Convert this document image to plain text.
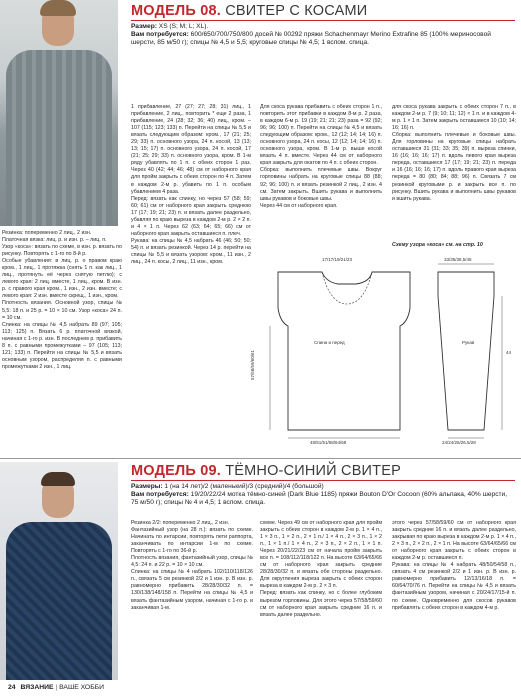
МОДЕЛЬ 08. СВИТЕР С КОСАМИ
Размер: XS (S; M; L; XL).
Вам потребуется: 600/650/700/750/800 досей № 00292 пряжи Schachenmayr Merino Extrafine 85 (100% мериносовой шерсти, 85 м/50 г); спицы № 4,5 и 5,5; круговые спицы № 4,5; 1 вспом. спица.

Резинка: попеременно 2 лиц., 2 изн.

Платочная вязка: лиц. р. и изн. р. – лиц. п.

Узор «коса»: вязать по схеме, в изн. р. вязать по рисунку. Повторять с 1-го по 8-й р.

Особые убавления: в лиц. р. о правом краю кром., 1 лиц., 1 протяжка (снять 1 п. как лиц., 1 лиц., протянуть её через снятую петлю); с левого края: 2 лиц. вместе, 1 лиц., кром. В изн. р. с правого края кром., 1 изн., 2 изн. вместе; с левого края: 2 изн. вместе скрещ., 1 изн., кром.

Плотность вязания. Основной узор, спицы № 5,5: 18 п. и 25 р. = 10 × 10 см. Узор «коса» 24 п. = 10 см.

Спинка: на спицы № 4,5 набрать 89 (97; 105; 113; 125) п. Вязать 6 р. платочной вязкой, начиная с 1-го р. изн. В последнем р. прибавить 8 п. с равными промежутками – 97 (105; 113; 121; 133) п. Перейти на спицы № 5,5 и вязать основным узором, распределяя п. с равными промежутками 2 изн., 1 лиц.

1 прибавление, 27 (27; 27; 28; 31) лиц., 1 прибавление, 2 лиц., повторить * еще 2 раза, 1 прибавление, 24 (28; 32; 36; 40) лиц., кром. – 107 (115; 123; 133) п. Перейти на спицы № 5,5 и вязать следующим образом: кром., 17 (21; 25; 29; 33) п. основного узора, 24 п. косой, 13 (13; 13; 15; 17) п. основного узора, 24 п. косой, 17 (21; 25; 29; 33) п. основного узора, кром. В 1-м ряду убавлять по 1 п. с обеих сторон 1 раз. Через 40 (42; 44; 46; 48) см от наборного края для пройм закрыть с обеих сторон по 4 п. Затем в каждом 2-м р. убавить по 1 п. особым убавлением 4 раза.

Перед: вязать как спинку, но через 57 (58; 59; 60; 61) см от наборного края закрыть среднюю 17 (17; 19; 21; 23) п. и вязать далее раздельно, убавляя по краю выреза в каждом 2-м р. 2 × 2 п. и 4 × 1 п. Через 62 (63; 64; 65; 66) см от наборного края закрыть оставшиеся п. плеч.

Рукава: на спицы № 4,5 набрать 46 (46; 50; 50; 54) п. и вязать резинкой. Через 14 р. перейти на спицы № 5,5 и вязать узором: кром., 11 изн., 2 лиц., 24 п. косы, 2 лиц., 11 изн., кром.

Для скоса рукава прибавить с обеих сторон 1 п., повторить этот прибавки в каждом 8-м р. 2 раза, в каждом 6-м р. 19 (19; 21; 21; 23) раза = 92 (92; 96; 96; 100) п. Перейти на спицы № 4,5 и вязать следующим образом: кром., 12 (12; 14; 14; 16) п. основного узора, 24 п. косы, 12 (12; 14; 14; 16) п. основного узора, кром. В 1-м р. выше косой вязать 4 п. вместе. Через 44 см от наборного края закрыть для окатов по 4 п. с обеих сторон.

Сборка: выполнить плечевые швы. Вокруг горловины набрать на круговые спицы 88 (88; 92; 96; 100) п. и вязать резинкой 2 лиц., 2 изн. 4 см. Затем закрыть. Вшить рукава и выполнить швы рукавов и боковые швы.

Через 44 см от наборного края.

для скоса рукава закрыть с обеих сторон 7 п., в каждом 2-м р. 7 (9; 10; 11; 12) × 1 п. и в каждом 4-м р. 1 × 1 п. Затем закрыть оставшиеся 10 (10; 14; 16; 16) п.

Сборка: выполнить плечевые и боковые швы. Для горловины на круговые спицы набрать оставшиеся 31 (31; 33; 35; 39) п. выреза спинки, 16 (16; 16; 16; 17) п. вдоль левого края выреза переда, оставшиеся 17 (17; 19; 21; 23) п. переда и 16 (16; 16; 16; 17) п. вдоль правого края выреза переда = 80 (80; 84; 88; 96) п. Связать 7 см резинкой круговыми р. и закрыть все п. по рисунку. Вшить рукава и выполнить швы рукавов и вшить рукава.

Схему узора «коса» см. на стр. 10
Спина и перед	Рукав
48/51/51/58/64/68	24/24/25/26.5/28
33/35/38,5/45
17/17/19/21/23
57/58/59/60/61	44
МОДЕЛЬ 09. ТЁМНО-СИНИЙ СВИТЕР
Размеры: 1 (на 14 лет)/2 (маленький)/3 (средний)/4 (большой)
Вам потребуется: 19/20/22/24 мотка тёмно-синей (Dark Blue 1185) пряжи Bouton D'Or Cocoon (60% альпака, 40% шерсти, 75 м/50 г); спицы № 4 и 4,5; 1 вспом. спица.

Резинка 2/2: попеременно 2 лиц., 2 изн.

Фантазийный узор (на 28 п.): вязать по схеме. Начинать по интарсии, повторять пети раппорта, заканчивать по интарсии 1-м по схеме. Повторять с 1-го по 36-й р.

Плотность вязания, фантазийный узор, спицы № 4,5: 24 п. и 22 р. = 10 × 10 см.

Спинка: на спицы № 4 набрать 102/110/118/126 п., связать 5 см резинкой 2/2 и 1 изн. р. В изн. р. равномерно прибавить 28/28/30/32 п. = 130/138/148/158 п. Перейти на спицы № 4,5 и вязать фантазийным узором, начиная с 1-го р. и заканчивая 1-м.

схеме. Через 49 см от наборного края для пройм закрыть с обеих сторон в каждом 2-м р. 1 × 4 п., 1 × 3 п., 1 × 2 п., 2 × 1 п./ 1 × 4 п., 2 × 3 п., 1 × 2 п., 1 × 1 п./ 1 × 4 п., 2 × 3 п., 2 × 2 п., 1 × 1 п. Через 20/21/22/23 см от начала пройм закрыть все п. = 108/112/118/122 п. На высоте 63/64/65/66 см от наборного края закрыть средние 28/28/30/32 п. и вязать обе стороны раздельно. Для округления выреза закрыть с обеих сторон выреза в каждом 2-м р. 2 × 3 п.

Перед: вязать как спинку, но с более глубоким вырезом горловины. Для этого через 57/58/59/60 см от наборного края закрыть средние 16 п. и вязать далее раздельно.

этого через 57/58/59/60 см от наборного края закрыть средние 16 п. и вязать далее раздельно, закрывая по краю выреза в каждом 2-м р. 1 × 4 п., 2 × 3 п., 2 × 2 п., 2 × 1 п. На высоте 63/64/65/66 см от наборного края закрыть с обеих сторон в каждом 2-м р. оставшиеся п.

Рукава: на спицы № 4 набрать 48/50/54/58 п., связать 4 см резинкой 2/2 и 1 изн. р. В изн. р. равномерно прибавить 12/13/16/18 п. = 60/64/70/76 п. Перейти на спицы № 4,5 и вязать фантазийным узором, начиная с 20/24/17/15-й п. по схеме. Одновременно для скосов рукавов прибавлять с обеих сторон в каждом 4-м р.

24 ВЯЗАНИЕ | ВАШЕ ХОББИ
